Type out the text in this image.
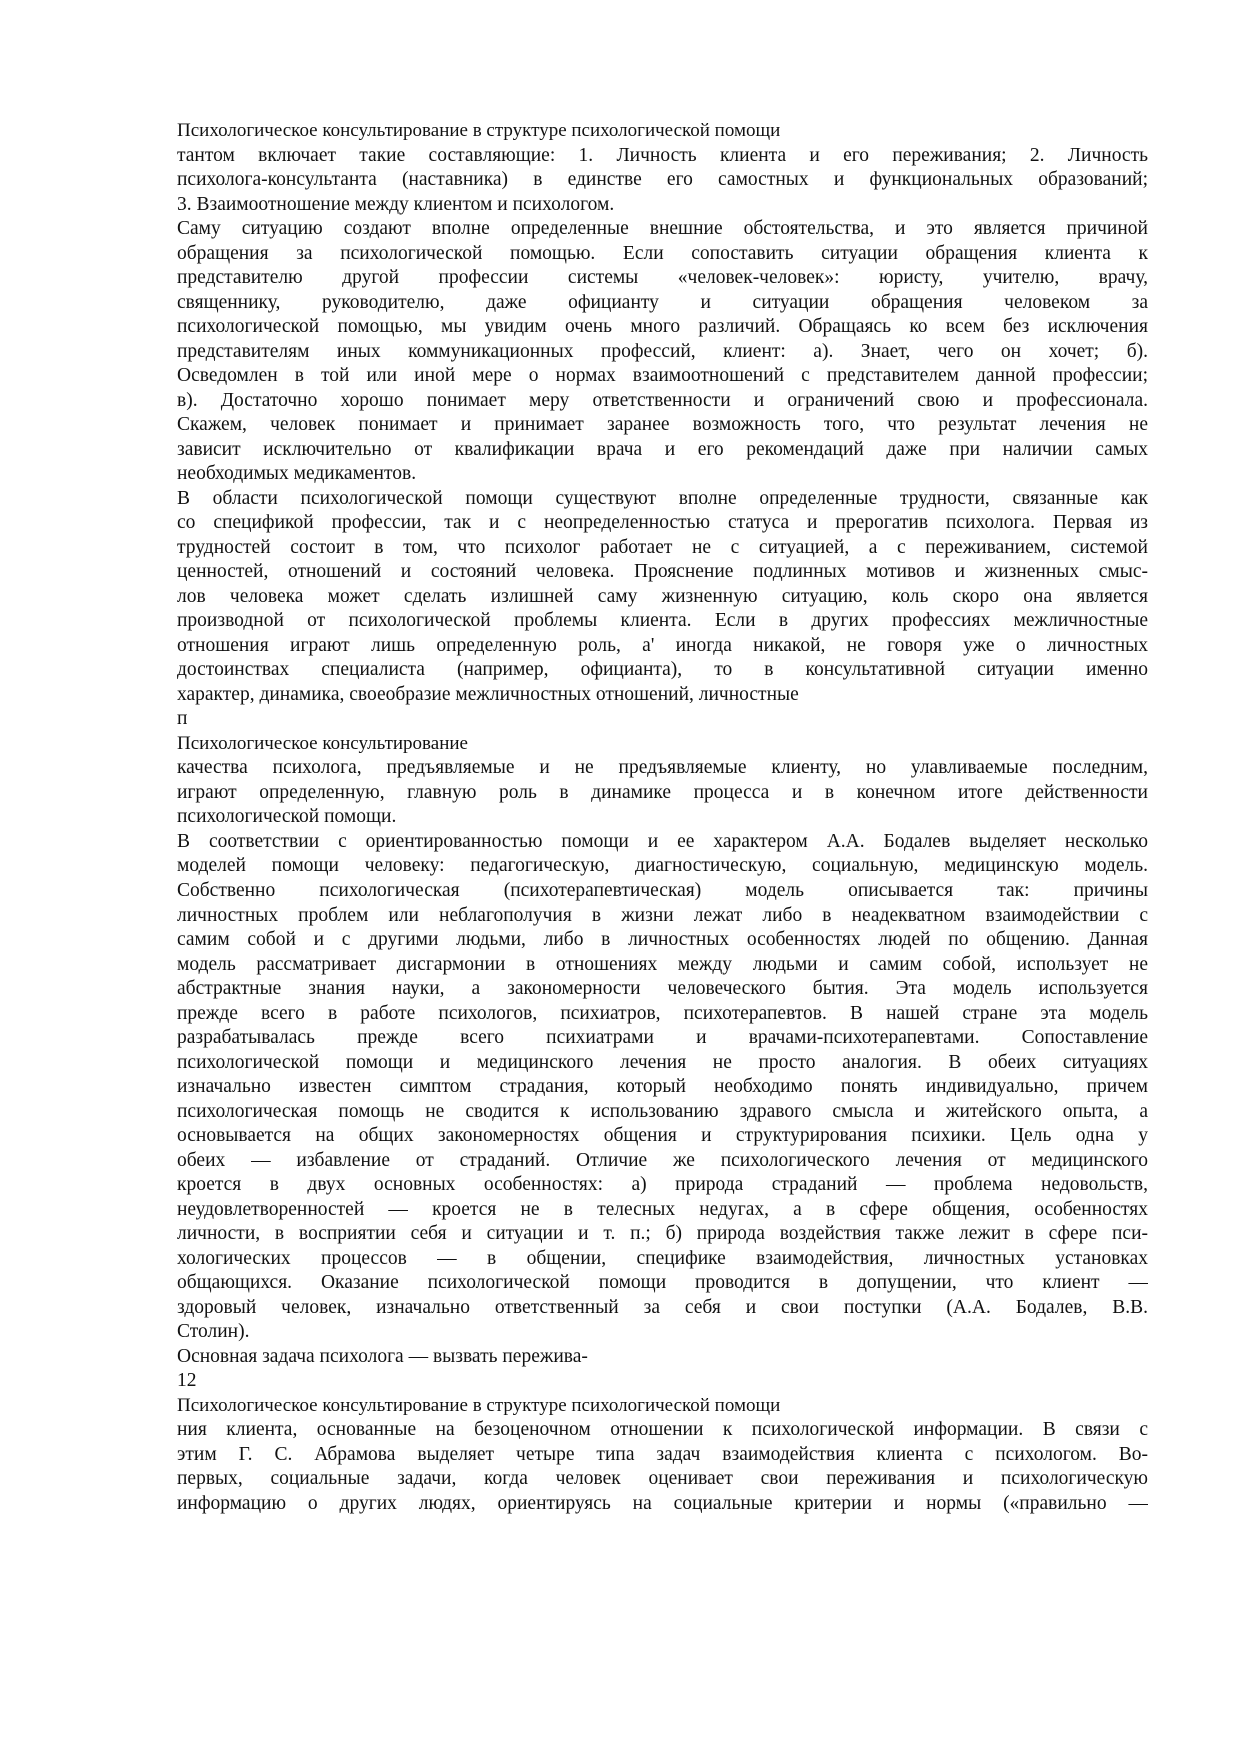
Психологическое консультирование в структуре психологической помощи
тантом включает такие составляющие: 1. Личность клиента и его переживания; 2. Личность
психолога-консультанта (наставника) в единстве его самостных и функциональных образований;
3. Взаимоотношение между клиентом и психологом.
Саму ситуацию создают вполне определенные внешние обстоятельства, и это является причиной
обращения за психологической помощью. Если сопоставить ситуации обращения клиента к
представителю другой профессии системы «человек-человек»: юристу, учителю, врачу,
священнику, руководителю, даже официанту и ситуации обращения человеком за
психологической помощью, мы увидим очень много различий. Обращаясь ко всем без исключения
представителям иных коммуникационных профессий, клиент: а). Знает, чего он хочет; б).
Осведомлен в той или иной мере о нормах взаимоотношений с представителем данной профессии;
в). Достаточно хорошо понимает меру ответственности и ограничений свою и профессионала.
Скажем, человек понимает и принимает заранее возможность того, что результат лечения не
зависит исключительно от квалификации врача и его рекомендаций даже при наличии самых
необходимых медикаментов.
В области психологической помощи существуют вполне определенные трудности, связанные как
со спецификой профессии, так и с неопределенностью статуса и прерогатив психолога. Первая из
трудностей состоит в том, что психолог работает не с ситуацией, а с переживанием, системой
ценностей, отношений и состояний человека. Прояснение подлинных мотивов и жизненных смыс-
лов человека может сделать излишней саму жизненную ситуацию, коль скоро она является
производной от психологической проблемы клиента. Если в других профессиях межличностные
отношения играют лишь определенную роль, а' иногда никакой, не говоря уже о личностных
достоинствах специалиста (например, официанта), то в консультативной ситуации именно
характер, динамика, своеобразие межличностных отношений, личностные
п
Психологическое консультирование
качества психолога, предъявляемые и не предъявляемые клиенту, но улавливаемые последним,
играют определенную, главную роль в динамике процесса и в конечном итоге действенности
психологической помощи.
В соответствии с ориентированностью помощи и ее характером А.А. Бодалев выделяет несколько
моделей помощи человеку: педагогическую, диагностическую, социальную, медицинскую модель.
Собственно психологическая (психотерапевтическая) модель описывается так: причины
личностных проблем или неблагополучия в жизни лежат либо в неадекватном взаимодействии с
самим собой и с другими людьми, либо в личностных особенностях людей по общению. Данная
модель рассматривает дисгармонии в отношениях между людьми и самим собой, использует не
абстрактные знания науки, а закономерности человеческого бытия. Эта модель используется
прежде всего в работе психологов, психиатров, психотерапевтов. В нашей стране эта модель
разрабатывалась прежде всего психиатрами и врачами-психотерапевтами. Сопоставление
психологической помощи и медицинского лечения не просто аналогия. В обеих ситуациях
изначально известен симптом страдания, который необходимо понять индивидуально, причем
психологическая помощь не сводится к использованию здравого смысла и житейского опыта, а
основывается на общих закономерностях общения и структурирования психики. Цель одна у
обеих — избавление от страданий. Отличие же психологического лечения от медицинского
кроется в двух основных особенностях: а) природа страданий — проблема недовольств,
неудовлетворенностей — кроется не в телесных недугах, а в сфере общения, особенностях
личности, в восприятии себя и ситуации и т. п.; б) природа воздействия также лежит в сфере пси-
хологических процессов — в общении, специфике взаимодействия, личностных установках
общающихся. Оказание психологической помощи проводится в допущении, что клиент —
здоровый человек, изначально ответственный за себя и свои поступки (А.А. Бодалев, В.В.
Столин).
Основная задача психолога — вызвать пережива-
12
Психологическое консультирование в структуре психологической помощи
ния клиента, основанные на безоценочном отношении к психологической информации. В связи с
этим Г. С. Абрамова выделяет четыре типа задач взаимодействия клиента с психологом. Во-
первых, социальные задачи, когда человек оценивает свои переживания и психологическую
информацию о других людях, ориентируясь на социальные критерии и нормы («правильно —
